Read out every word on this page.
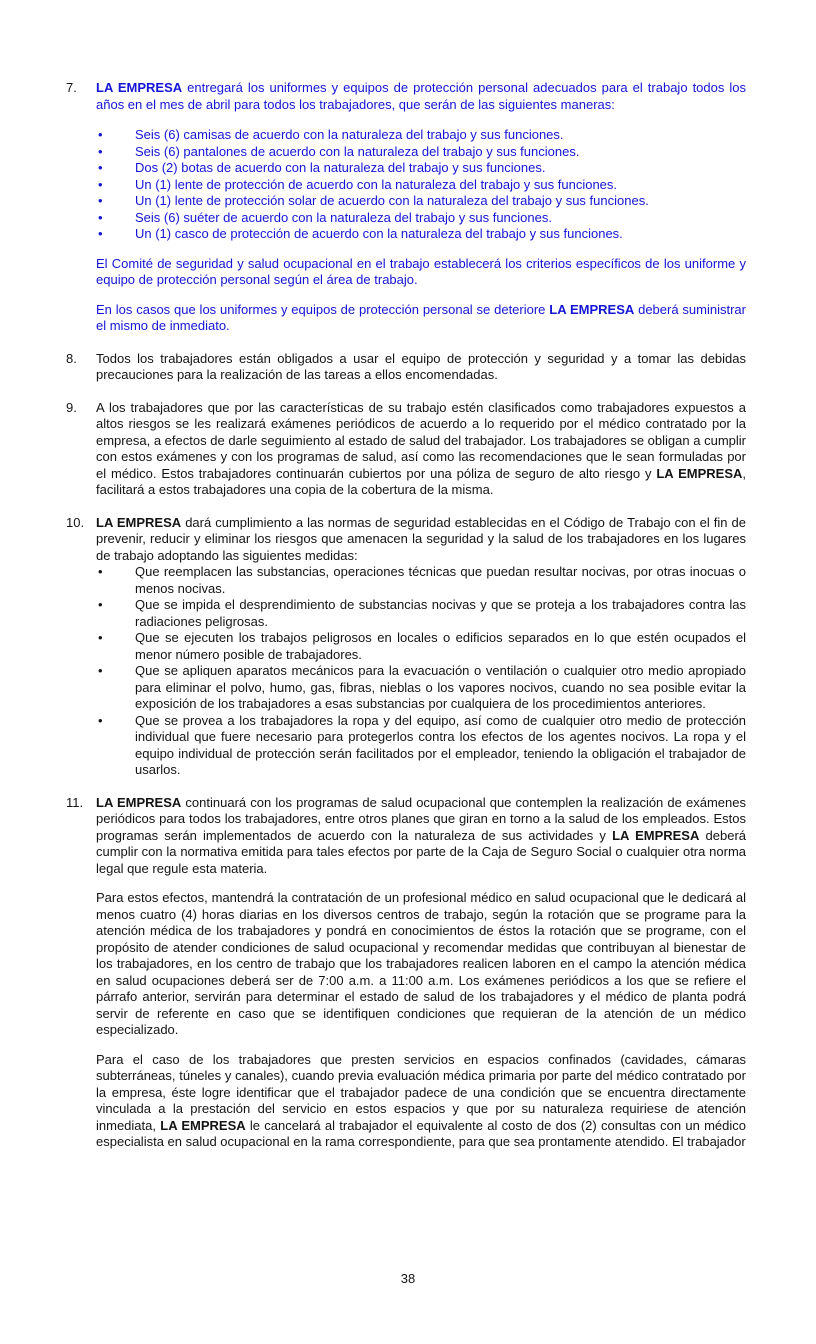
7.	LA EMPRESA entregará los uniformes y equipos de protección personal adecuados para el trabajo todos los años en el mes de abril para todos los trabajadores, que serán de las siguientes maneras:

•	Seis (6) camisas de acuerdo con la naturaleza del trabajo y sus funciones.
•	Seis (6) pantalones de acuerdo con la naturaleza del trabajo y sus funciones.
•	Dos (2) botas de acuerdo con la naturaleza del trabajo y sus funciones.
•	Un (1) lente de protección de acuerdo con la naturaleza del trabajo y sus funciones.
•	Un (1) lente de protección solar de acuerdo con la naturaleza del trabajo y sus funciones.
•	Seis (6) suéter de acuerdo con la naturaleza del trabajo y sus funciones.
•	Un (1) casco de protección de acuerdo con la naturaleza del trabajo y sus funciones.

El Comité de seguridad y salud ocupacional en el trabajo establecerá los criterios específicos de los uniforme y equipo de protección personal según el área de trabajo.

En los casos que los uniformes y equipos de protección personal se deteriore LA EMPRESA deberá suministrar el mismo de inmediato.

8.	Todos los trabajadores están obligados a usar el equipo de protección y seguridad y a tomar las debidas precauciones para la realización de las tareas a ellos encomendadas.

9.	A los trabajadores que por las características de su trabajo estén clasificados como trabajadores expuestos a altos riesgos se les realizará exámenes periódicos de acuerdo a lo requerido por el médico contratado por la empresa, a efectos de darle seguimiento al estado de salud del trabajador. Los trabajadores se obligan a cumplir con estos exámenes y con los programas de salud, así como las recomendaciones que le sean formuladas por el médico. Estos trabajadores continuarán cubiertos por una póliza de seguro de alto riesgo y LA EMPRESA, facilitará a estos trabajadores una copia de la cobertura de la misma.

10. LA EMPRESA dará cumplimiento a las normas de seguridad establecidas en el Código de Trabajo con el fin de prevenir, reducir y eliminar los riesgos que amenacen la seguridad y la salud de los trabajadores en los lugares de trabajo adoptando las siguientes medidas:

•	Que reemplacen las substancias, operaciones técnicas que puedan resultar nocivas, por otras inocuas o menos nocivas.
•	Que se impida el desprendimiento de substancias nocivas y que se proteja a los trabajadores contra las radiaciones peligrosas.
•	Que se ejecuten los trabajos peligrosos en locales o edificios separados en lo que estén ocupados el menor número posible de trabajadores.
•	Que se apliquen aparatos mecánicos para la evacuación o ventilación o cualquier otro medio apropiado para eliminar el polvo, humo, gas, fibras, nieblas o los vapores nocivos, cuando no sea posible evitar la exposición de los trabajadores a esas substancias por cualquiera de los procedimientos anteriores.
•	Que se provea a los trabajadores la ropa y del equipo, así como de cualquier otro medio de protección individual que fuere necesario para protegerlos contra los efectos de los agentes nocivos. La ropa y el equipo individual de protección serán facilitados por el empleador, teniendo la obligación el trabajador de usarlos.
11. LA EMPRESA continuará con los programas de salud ocupacional que contemplen la realización de exámenes periódicos para todos los trabajadores, entre otros planes que giran en torno a la salud de los empleados. Estos programas serán implementados de acuerdo con la naturaleza de sus actividades y LA EMPRESA deberá cumplir con la normativa emitida para tales efectos por parte de la Caja de Seguro Social o cualquier otra norma legal que regule esta materia.

Para estos efectos, mantendrá la contratación de un profesional médico en salud ocupacional que le dedicará al menos cuatro (4) horas diarias en los diversos centros de trabajo, según la rotación que se programe para la atención médica de los trabajadores y pondrá en conocimientos de éstos la rotación que se programe, con el propósito de atender condiciones de salud ocupacional y recomendar medidas que contribuyan al bienestar de los trabajadores, en los centro de trabajo que los trabajadores realicen laboren en el campo la atención médica en salud ocupaciones deberá ser de 7:00 a.m. a 11:00 a.m. Los exámenes periódicos a los que se refiere el párrafo anterior, servirán para determinar el estado de salud de los trabajadores y el médico de planta podrá servir de referente en caso que se identifiquen condiciones que requieran de la atención de un médico especializado.

Para el caso de los trabajadores que presten servicios en espacios confinados (cavidades, cámaras subterráneas, túneles y canales), cuando previa evaluación médica primaria por parte del médico contratado por la empresa, éste logre identificar que el trabajador padece de una condición que se encuentra directamente vinculada a la prestación del servicio en estos espacios y que por su naturaleza requiriese de atención inmediata, LA EMPRESA le cancelará al trabajador el equivalente al costo de dos (2) consultas con un médico especialista en salud ocupacional en la rama correspondiente, para que sea prontamente atendido. El trabajador

38
